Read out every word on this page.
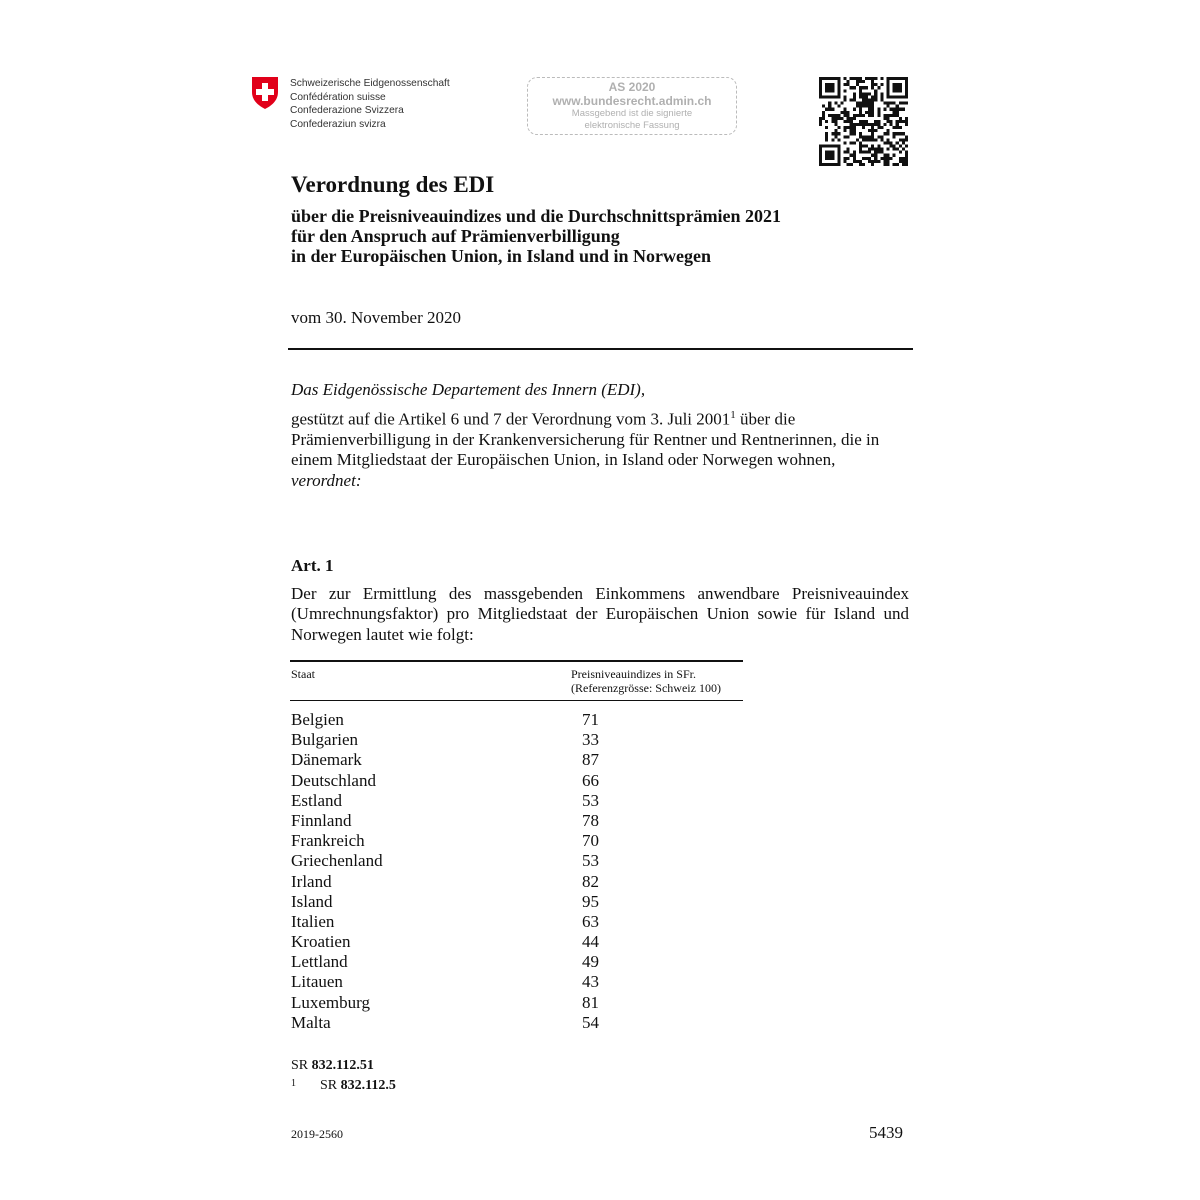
Schweizerische Eidgenossenschaft
Confédération suisse
Confederazione Svizzera
Confederaziun svizra
AS 2020
www.bundesrecht.admin.ch
Massgebend ist die signierte
elektronische Fassung
Verordnung des EDI
über die Preisniveauindizes und die Durchschnittsprämien 2021
für den Anspruch auf Prämienverbilligung
in der Europäischen Union, in Island und in Norwegen
vom 30. November 2020
Das Eidgenössische Departement des Innern (EDI),
gestützt auf die Artikel 6 und 7 der Verordnung vom 3. Juli 2001$^1$ über die Prämienverbilligung in der Krankenversicherung für Rentner und Rentnerinnen, die in einem Mitgliedstaat der Europäischen Union, in Island oder Norwegen wohnen,
verordnet:
Art. 1
Der zur Ermittlung des massgebenden Einkommens anwendbare Preisniveauindex (Umrechnungsfaktor) pro Mitgliedstaat der Europäischen Union sowie für Island und Norwegen lautet wie folgt:
Staat	Preisniveauindizes in SFr.
(Referenzgrösse: Schweiz 100)
Belgien	71
Bulgarien	33
Dänemark	87
Deutschland	66
Estland	53
Finnland	78
Frankreich	70
Griechenland	53
Irland	82
Island	95
Italien	63
Kroatien	44
Lettland	49
Litauen	43
Luxemburg	81
Malta	54
SR 832.112.51
$^1$ SR 832.112.5
2019-2560	5439
